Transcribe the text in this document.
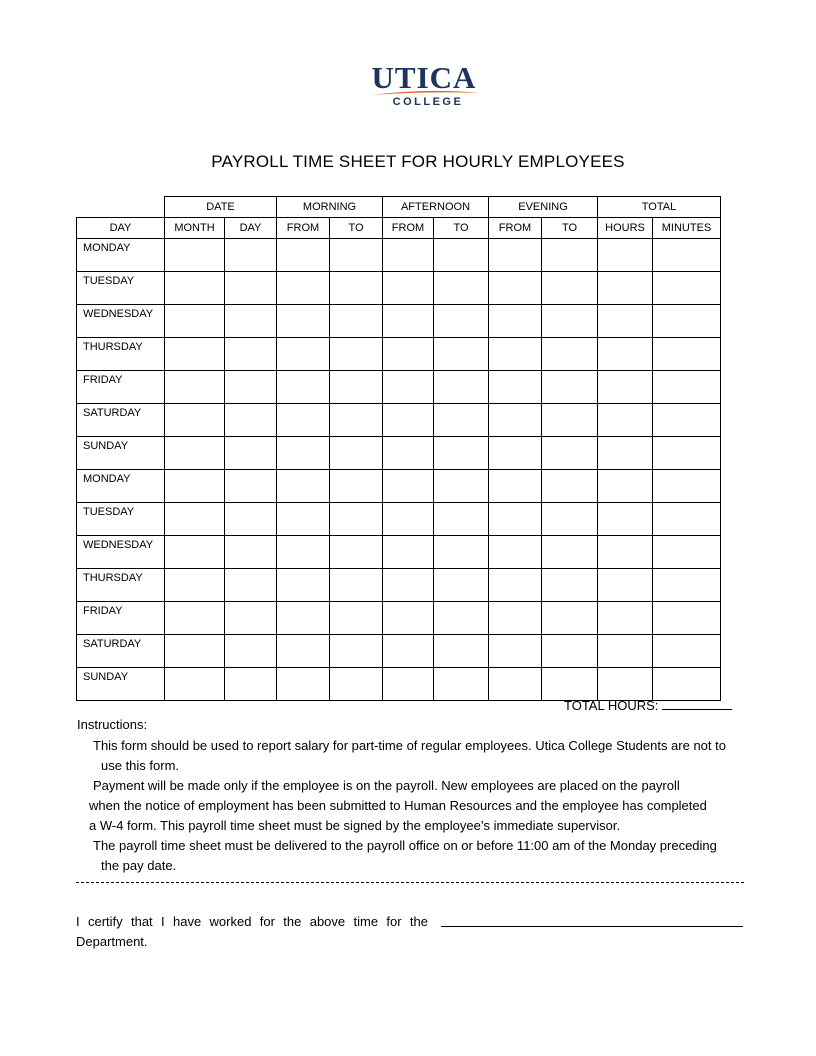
UTICA
COLLEGE
PAYROLL TIME SHEET FOR HOURLY EMPLOYEES
	DATE		MORNING		AFTERNOON		EVENING		TOTAL	
DAY	MONTH	DAY	FROM	TO	FROM	TO	FROM	TO	HOURS	MINUTES
MONDAY										
TUESDAY										
WEDNESDAY										
THURSDAY										
FRIDAY										
SATURDAY										
SUNDAY										
MONDAY										
TUESDAY										
WEDNESDAY										
THURSDAY										
FRIDAY										
SATURDAY										
SUNDAY										
TOTAL HOURS:
Instructions:
This form should be used to report salary for part-time of regular employees. Utica College Students are not to
use this form.
Payment will be made only if the employee is on the payroll. New employees are placed on the payroll
when the notice of employment has been submitted to Human Resources and the employee has completed
a W-4 form. This payroll time sheet must be signed by the employee’s immediate supervisor.
The payroll time sheet must be delivered to the payroll office on or before 11:00 am of the Monday preceding
the pay date.
I certify that I have worked for the above time for the
Department.
